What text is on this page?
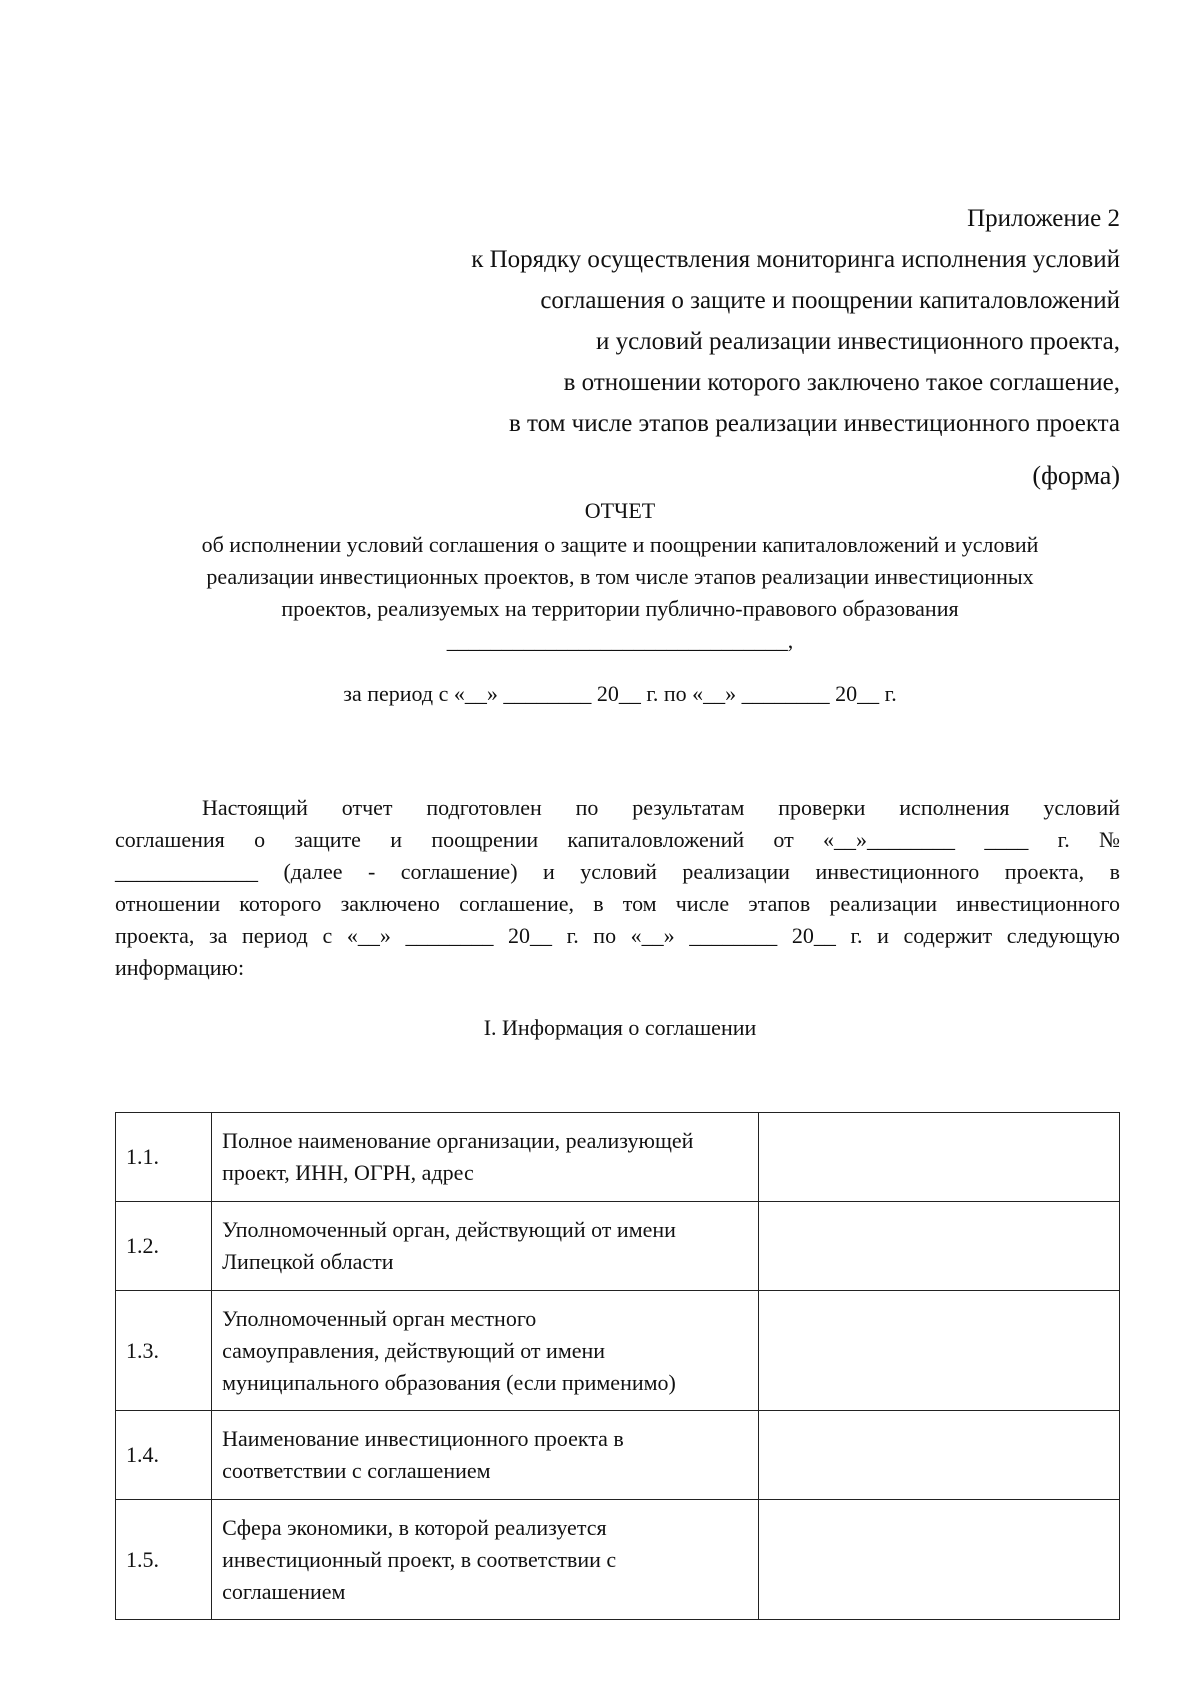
Приложение 2
к Порядку осуществления мониторинга исполнения условий
соглашения о защите и поощрении капиталовложений
и условий реализации инвестиционного проекта,
в отношении которого заключено такое соглашение,
в том числе этапов реализации инвестиционного проекта
(форма)
ОТЧЕТ
об исполнении условий соглашения о защите и поощрении капиталовложений и условий
реализации инвестиционных проектов, в том числе этапов реализации инвестиционных
проектов, реализуемых на территории публично-правового образования
_______________________________,
за период с «__» ________ 20__ г. по «__» ________ 20__ г.
Настоящий отчет подготовлен по результатам проверки исполнения условий
соглашения о защите и поощрении капиталовложений от «__»________ ____ г. №
_____________ (далее - соглашение) и условий реализации инвестиционного проекта, в
отношении которого заключено соглашение, в том числе этапов реализации инвестиционного
проекта, за период с «__» ________ 20__ г. по «__» ________ 20__ г. и содержит следующую
информацию:
I. Информация о соглашении
1.1.	Полное наименование организации, реализующей
проект, ИНН, ОГРН, адрес	

1.2.	Уполномоченный орган, действующий от имени
Липецкой области	

1.3.	Уполномоченный орган местного
самоуправления, действующий от имени
муниципального образования (если применимо)	

1.4.	Наименование инвестиционного проекта в
соответствии с соглашением	

1.5.	Сфера экономики, в которой реализуется
инвестиционный проект, в соответствии с
соглашением	
